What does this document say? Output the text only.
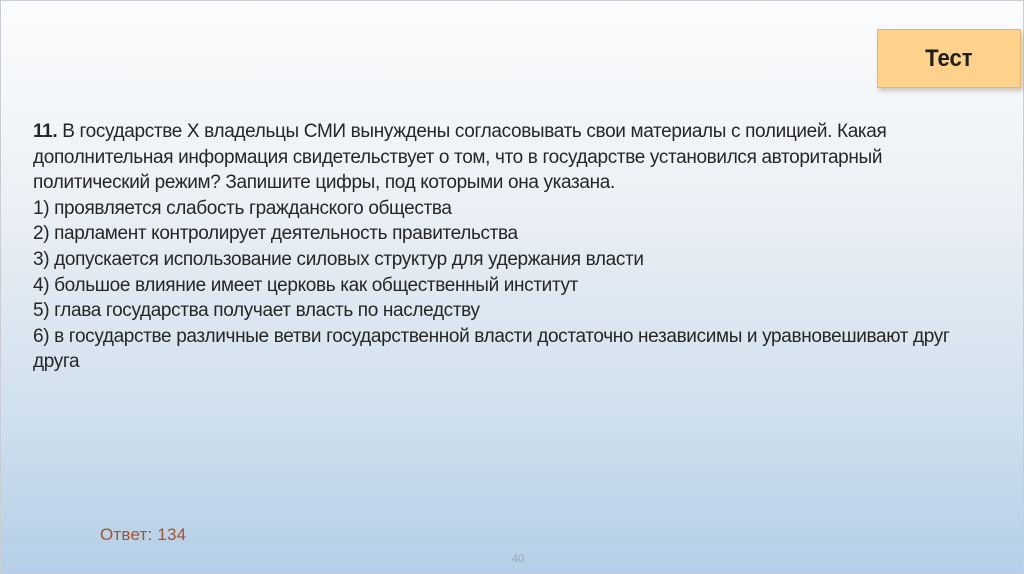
Тест

11. В государстве Х владельцы СМИ вынуждены согласовывать свои материалы с полицией. Какая дополнительная информация свидетельствует о том, что в государстве установился авторитарный политический режим? Запишите цифры, под которыми она указана.

1) проявляется слабость гражданского общества
2) парламент контролирует деятельность правительства
3) допускается использование силовых структур для удержания власти
4) большое влияние имеет церковь как общественный институт
5) глава государства получает власть по наследству
6) в государстве различные ветви государственной власти достаточно независимы и уравновешивают друг друга
Ответ: 134
40
